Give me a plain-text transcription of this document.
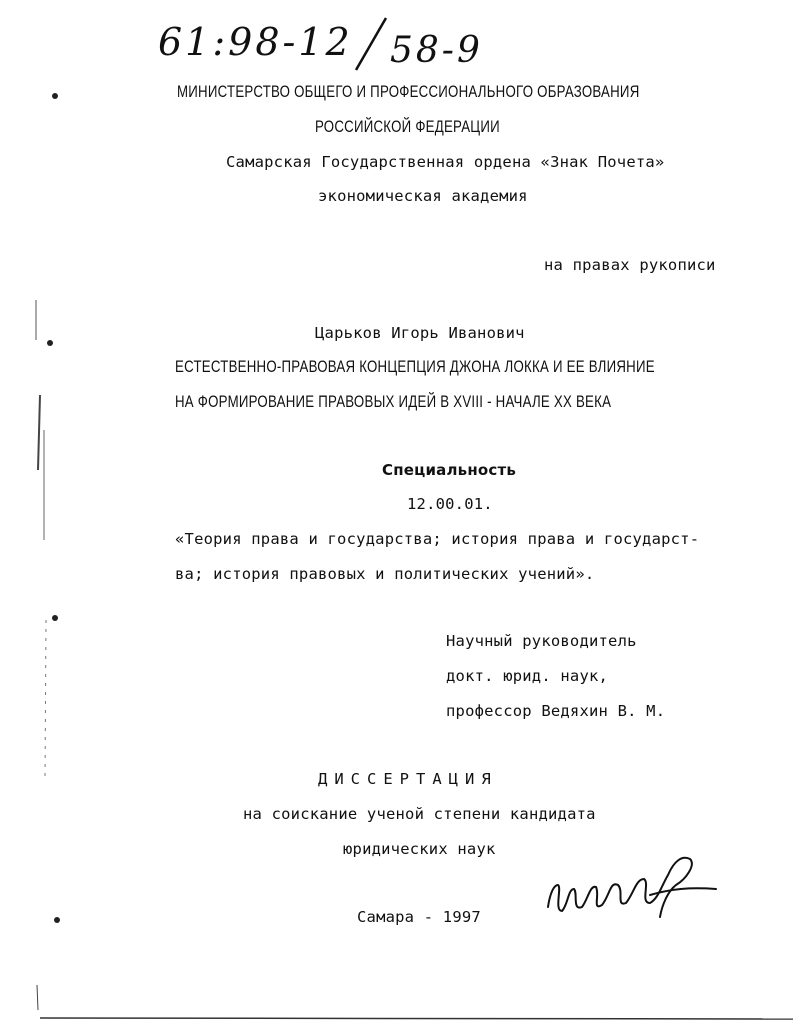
61:98-12 58-9
МИНИСТЕРСТВО ОБЩЕГО И ПРОФЕССИОНАЛЬНОГО ОБРАЗОВАНИЯ
РОССИЙСКОЙ ФЕДЕРАЦИИ
Самарская Государственная ордена «Знак Почета»
экономическая академия
на правах рукописи
Царьков Игорь Иванович
ЕСТЕСТВЕННО-ПРАВОВАЯ КОНЦЕПЦИЯ ДЖОНА ЛОККА И ЕЕ ВЛИЯНИЕ
НА ФОРМИРОВАНИЕ ПРАВОВЫХ ИДЕЙ В XVIII - НАЧАЛЕ XX ВЕКА
Специальность
12.00.01.
«Теория права и государства; история права и государст-
ва; история правовых и политических учений».
Научный руководитель
докт. юрид. наук,
профессор Ведяхин В. М.
ДИССЕРТАЦИЯ
на соискание ученой степени кандидата
юридических наук
Самара - 1997
